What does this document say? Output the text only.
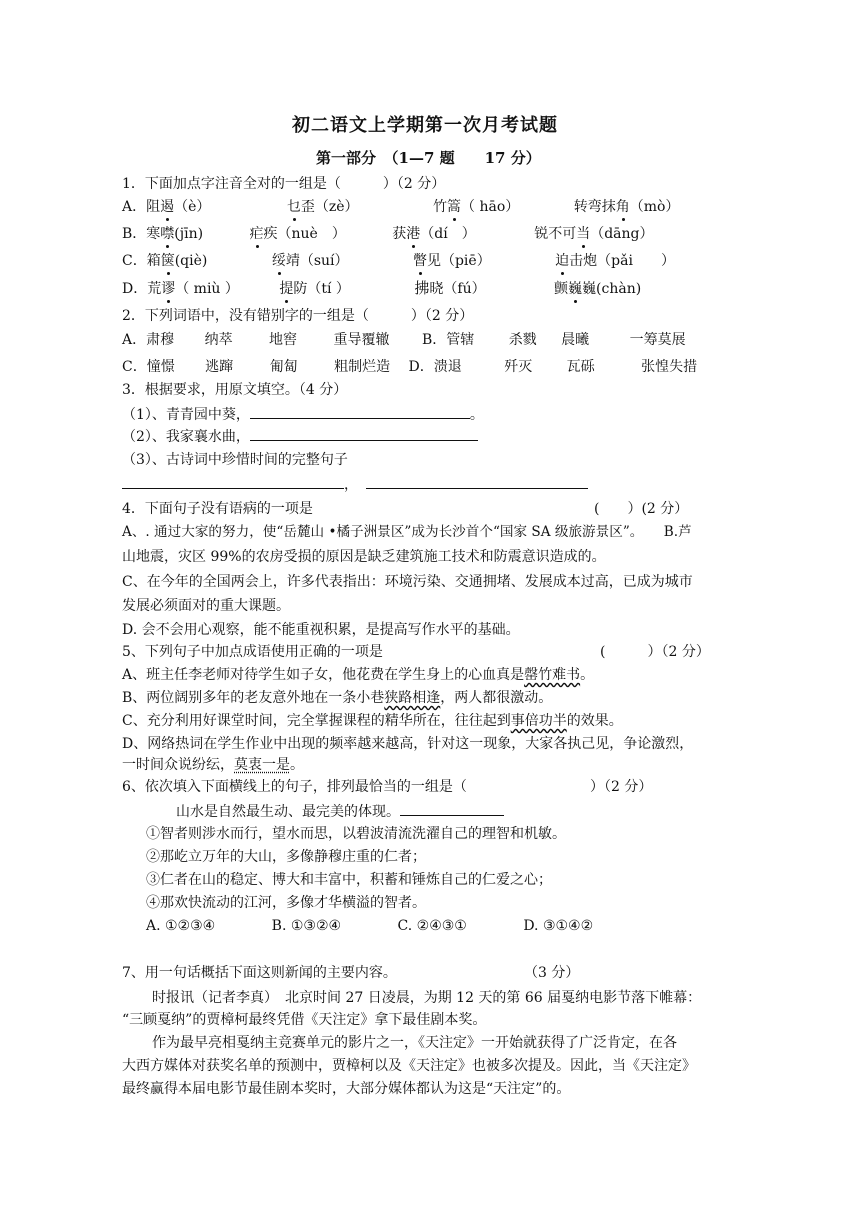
初二语文上学期第一次月考试题
第一部分　（1—7 题　　17 分）
1．下面加点字注音全对的一组是（　　　）（2 分）
A．阻遏（è）	乜歪（zè）	竹篙（ hāo）	转弯抹角（mò）
B．寒噤(jīn)	疟疾（nuè　）	获港（dí　）	锐不可当（dāng）
C．箱箧(qiè)	绥靖（suí）	瞥见（piē）	迫击炮（pǎi　　）
D．荒谬（ miù ）	提防（tí ）	拂晓（fú）	颤巍巍(chàn)
2．下列词语中，没有错别字的一组是（　　　）（2 分）
A．肃穆 纳萃	地窖	重导覆辙 B．管辖 杀戮 晨曦	一筹莫展
C．憧憬 逃蹿	匍匐	粗制烂造 D．溃退	歼灭 瓦砾	张惶失措
3．根据要求，用原文填空。（4 分）
（1）、青青园中葵，	。
（2）、我家襄水曲，
（3）、古诗词中珍惜时间的完整句子
，
4．下面句子没有语病的一项是	(　　）(2 分）
A、. 通过大家的努力，使“岳麓山 •橘子洲景区”成为长沙首个“国家 SA 级旅游景区”。　　B.芦
山地震，灾区 99%的农房受损的原因是缺乏建筑施工技术和防震意识造成的。
C、在今年的全国两会上，许多代表指出：环境污染、交通拥堵、发展成本过高，已成为城市
发展必须面对的重大课题。
D. 会不会用心观察，能不能重视积累，是提高写作水平的基础。
5、下列句子中加点成语使用正确的一项是	(　　　）（2 分）
A、班主任李老师对待学生如子女，他花费在学生身上的心血真是罄竹难书。
B、两位阔别多年的老友意外地在一条小巷狭路相逢，两人都很激动。
C、充分利用好课堂时间，完全掌握课程的精华所在，往往起到事倍功半的效果。
D、网络热词在学生作业中出现的频率越来越高，针对这一现象，大家各执己见，争论激烈，
一时间众说纷纭，莫衷一是。
6、依次填入下面横线上的句子，排列最恰当的一组是（	）（2 分）
山水是自然最生动、最完美的体现。
①智者则涉水而行，望水而思，以碧波清流洗濯自己的理智和机敏。
②那屹立万年的大山，多像静穆庄重的仁者；
③仁者在山的稳定、博大和丰富中，积蓄和锤炼自己的仁爱之心；
④那欢快流动的江河，多像才华横溢的智者。
A. ①②③④	B. ①③②④	C. ②④③①	D. ③①④②
7、用一句话概括下面这则新闻的主要内容。	（3 分）
时报讯（记者李真）　北京时间 27 日凌晨，为期 12 天的第 66 届戛纳电影节落下帷幕：
“三顾戛纳”的贾樟柯最终凭借《天注定》拿下最佳剧本奖。
作为最早亮相戛纳主竞赛单元的影片之一，《天注定》一开始就获得了广泛肯定，在各
大西方媒体对获奖名单的预测中，贾樟柯以及《天注定》也被多次提及。因此，当《天注定》
最终赢得本届电影节最佳剧本奖时，大部分媒体都认为这是“天注定”的。
